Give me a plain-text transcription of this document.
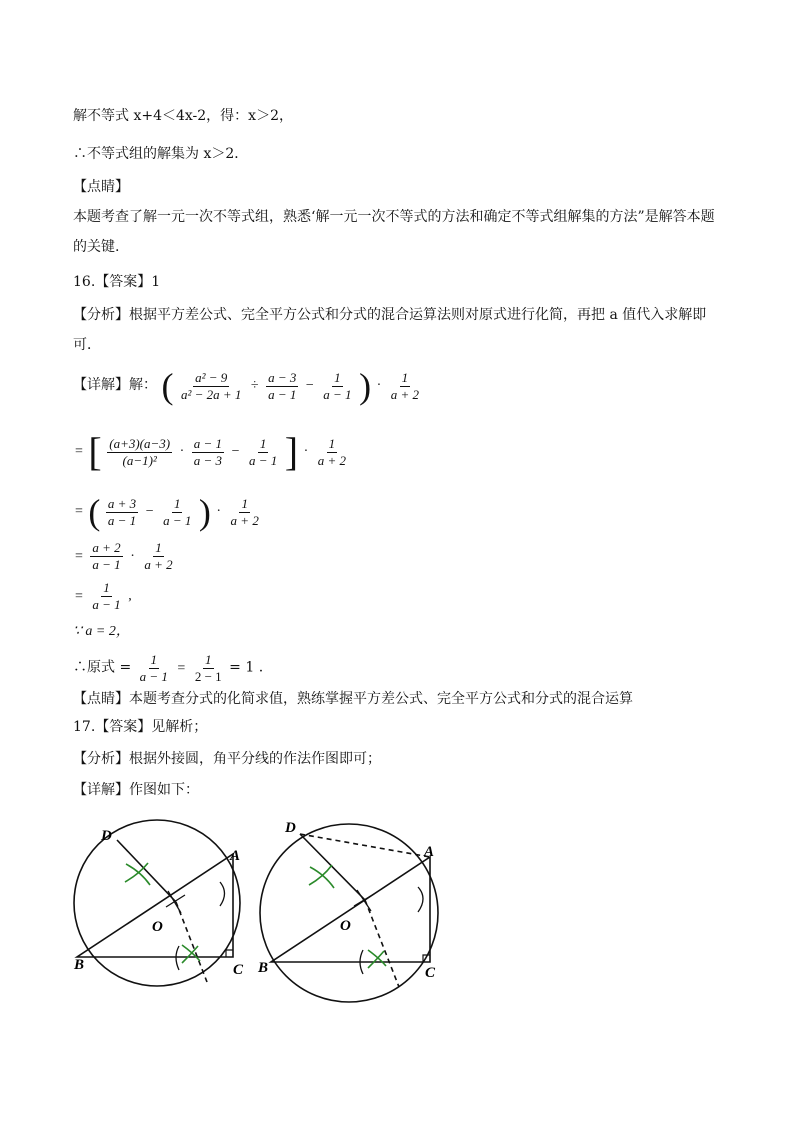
解不等式 x+4＜4x-2，得：x＞2，
∴不等式组的解集为 x＞2．
【点睛】
本题考查了解一元一次不等式组，熟悉‘解一元一次不等式的方法和确定不等式组解集的方法”是解答本题的关键.
16.【答案】1
【分析】根据平方差公式、完全平方公式和分式的混合运算法则对原式进行化简，再把 a 值代入求解即可．
【详解】解： ( $\frac{\text{a² − 9}}{\text{a² − 2a + 1}} \div \frac{a - 3}{a - 1} - \frac{1}{a - 1}$ ) · $\frac{1}{a + 2}$
= [ $\frac{(a+3)(a-3)}{\text{(a−1)²}} \cdot \frac{a - 1}{a - 3} - \frac{1}{a - 1}$ ] · $\frac{1}{a + 2}$
= ( $\frac{a + 3}{a - 1} - \frac{1}{a - 1}$ ) · $\frac{1}{a + 2}$
= $\frac{a + 2}{a - 1} \cdot \frac{1}{a + 2}$
= $\frac{1}{a - 1}$ ,
∵ a = 2，
∴原式 = $\frac{1}{a - 1} = \frac{1}{2 - 1} = 1$ .
【点睛】本题考查分式的化简求值，熟练掌握平方差公式、完全平方公式和分式的混合运算
17.【答案】见解析；
【分析】根据外接圆，角平分线的作法作图即可；
【详解】作图如下：
D
A
O
B	C
D
A
O
B	C
